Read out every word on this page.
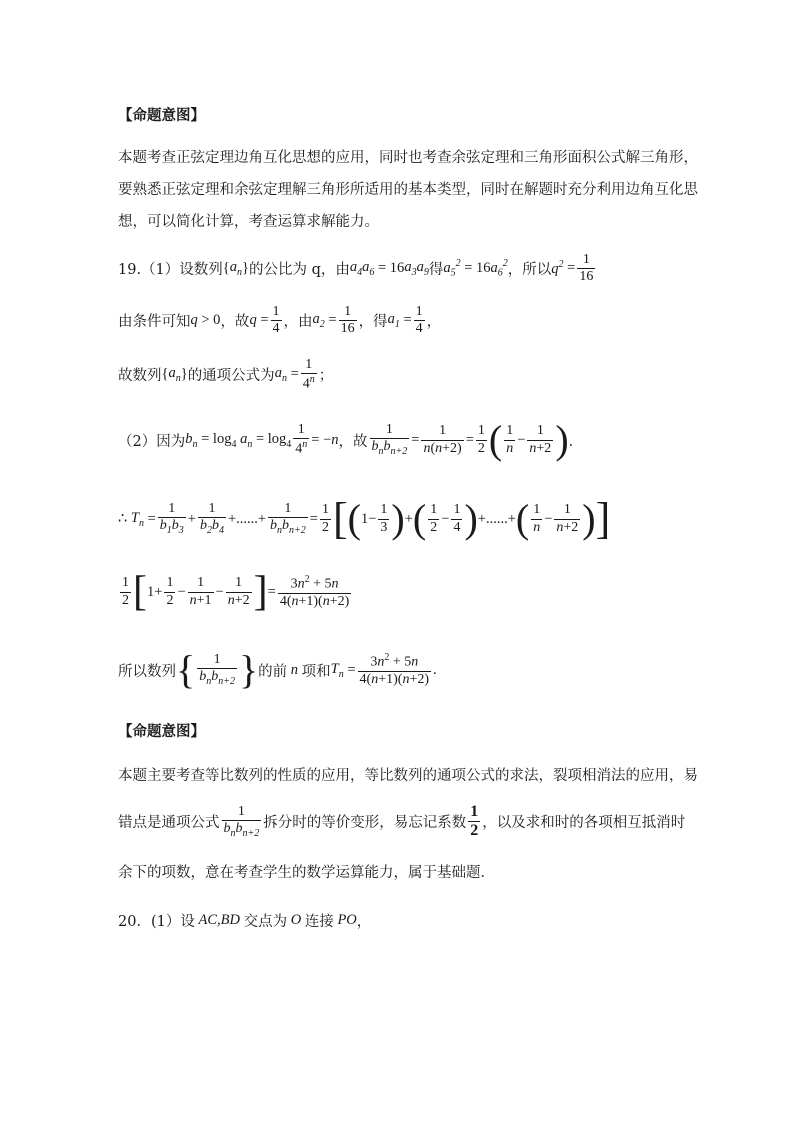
【命题意图】
本题考查正弦定理边角互化思想的应用，同时也考查余弦定理和三角形面积公式解三角形，
要熟悉正弦定理和余弦定理解三角形所适用的基本类型，同时在解题时充分利用边角互化思
想，可以简化计算，考查运算求解能力。
19.（1）设数列 { $a_n$ } 的公比为 q，由 $a_4a_6 = 16$ $a_3a_9$ 得 $a_5^2 = 16$ $a_6^2$ ，所以 $q^2 = \frac{1}{16}$
由条件可知 q > 0 ，故 $q = \frac{1}{4}$ ，由 $a_2 = \frac{1}{16}$ ，得 $a_1 = \frac{1}{4}$ ，
故数列 { $a_n$ } 的通项公式为 $a_n = \frac{1}{4^n}$ ；
（2）因为 $b_n = \log_4 a_n = \log_4 \frac{1}{4^n}$ = − n ，故 $\frac{1}{b_nb_{n+2}} = \frac{1}{n(n+2)} = \frac{1}{2}$ ( $\frac{1}{n} - \frac{1}{n+2}$ ) ．
∴ $T_n = \frac{1}{b_1b_3} + \frac{1}{b_2b_4}$ +......+ $\frac{1}{b_nb_{n+2}} = \frac{1}{2}$ [ ( $1- \frac{1}{3}$ ) + ( $\frac{1}{2} - \frac{1}{4}$ ) +......+ ( $\frac{1}{n} - \frac{1}{n+2}$ ) ]
$\frac{1}{2}$ [ $1+ \frac{1}{2} - \frac{1}{n+1} - \frac{1}{n+2}$ ] = $\frac{3n^2 + 5n}{4(n+1)(n+2)}$
所以数列 { $\frac{1}{b_nb_{n+2}}$ } 的前 n 项和 $T_n = \frac{3n^2 + 5n}{4(n+1)(n+2)}$ .
【命题意图】
本题主要考查等比数列的性质的应用，等比数列的通项公式的求法，裂项相消法的应用，易
错点是通项公式 $\frac{1}{b_nb_{n+2}}$ 拆分时的等价变形，易忘记系数 $\frac{1}{2}$ ，以及求和时的各项相互抵消时
余下的项数，意在考查学生的数学运算能力，属于基础题．
20．(1）设 AC,BD 交点为 O 连接 PO ，
